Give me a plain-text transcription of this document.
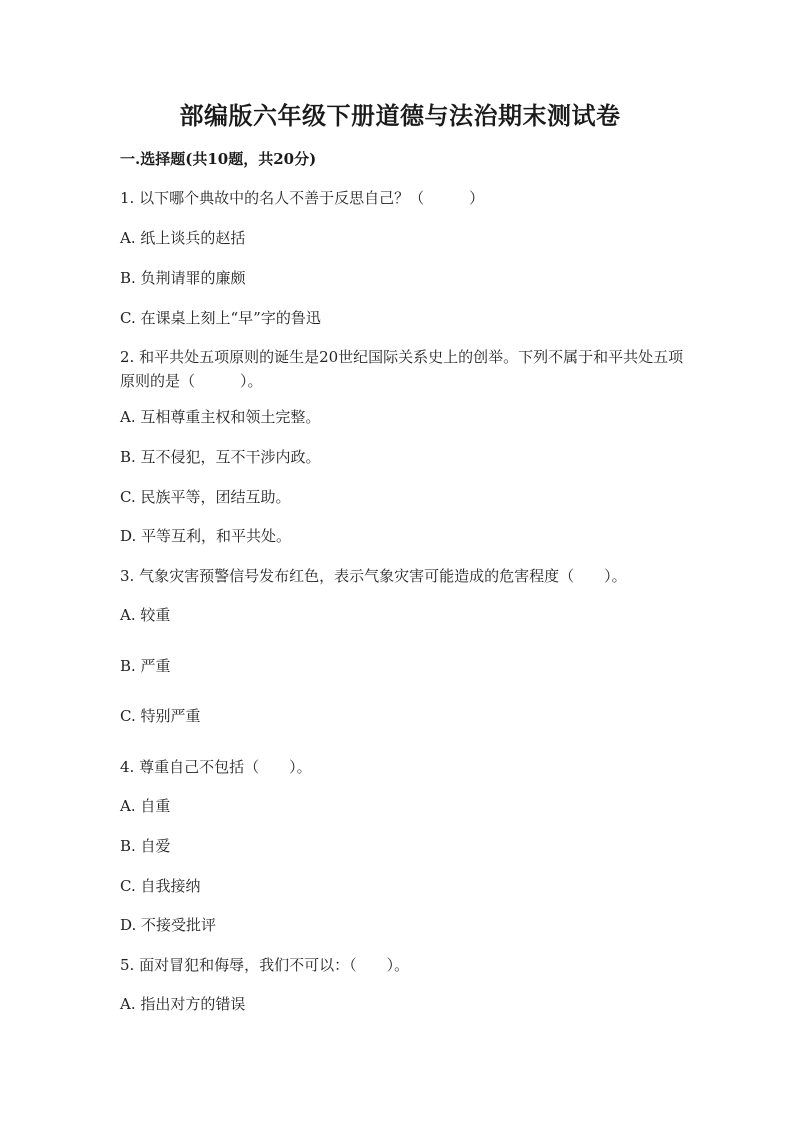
部编版六年级下册道德与法治期末测试卷
一.选择题(共10题，共20分)
1. 以下哪个典故中的名人不善于反思自己？（　　　）
A. 纸上谈兵的赵括
B. 负荆请罪的廉颇
C. 在课桌上刻上“早”字的鲁迅
2. 和平共处五项原则的诞生是20世纪国际关系史上的创举。下列不属于和平共处五项原则的是（　　　）。
A. 互相尊重主权和领土完整。
B. 互不侵犯，互不干涉内政。
C. 民族平等，团结互助。
D. 平等互利，和平共处。
3. 气象灾害预警信号发布红色，表示气象灾害可能造成的危害程度（　　）。
A. 较重
B. 严重
C. 特别严重
4. 尊重自己不包括（　　）。
A. 自重
B. 自爱
C. 自我接纳
D. 不接受批评
5. 面对冒犯和侮辱，我们不可以：（　　）。
A. 指出对方的错误
